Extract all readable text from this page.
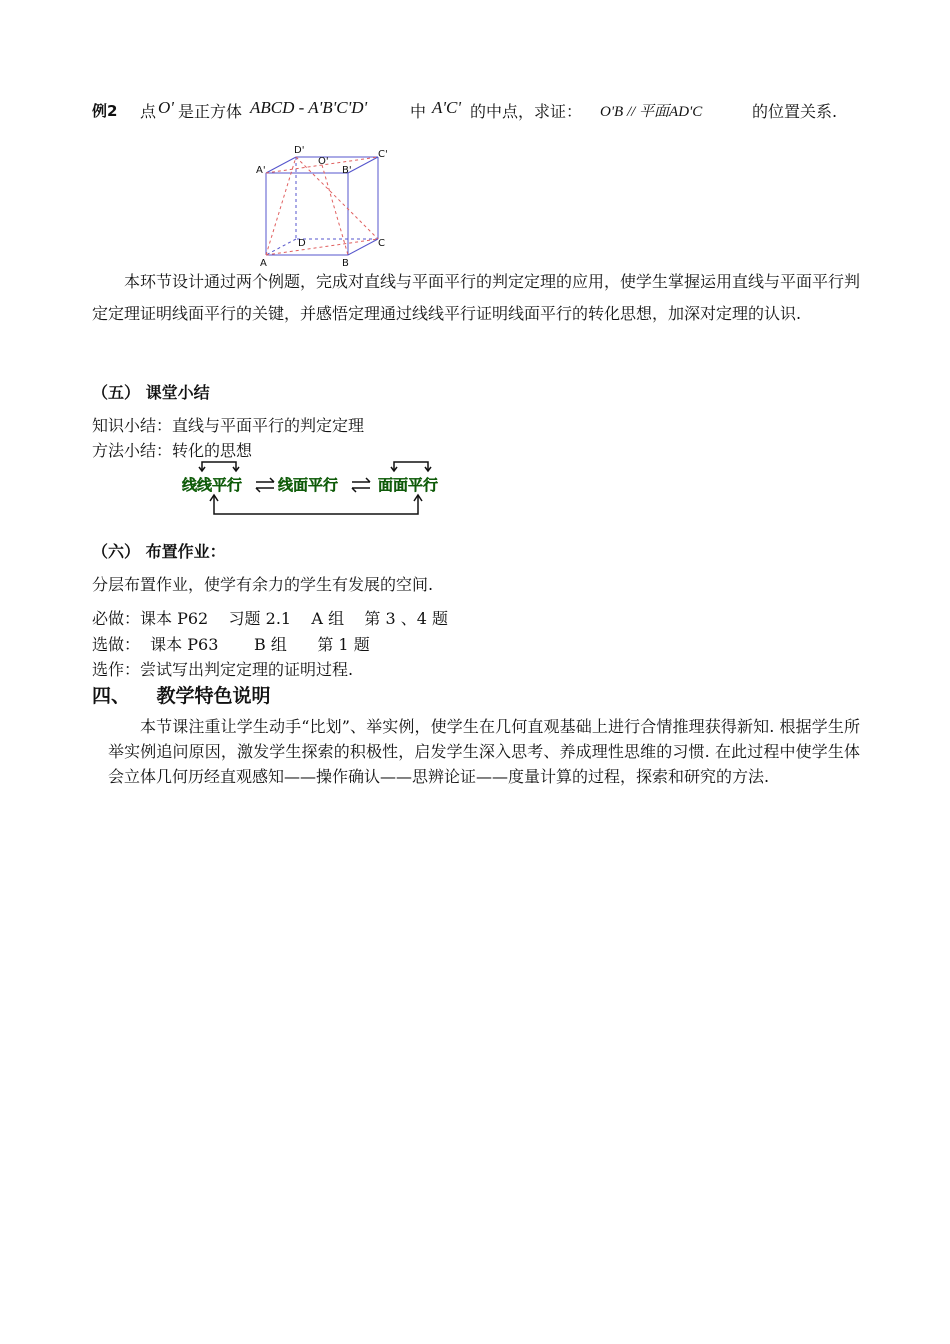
例2 点 O' 是正方体 ABCD - A'B'C'D'	中 A'C' 的中点，求证： O'B // 平面AD'C	的位置关系.
D'
O'
C'
A'	B'
D	C
A	B
本环节设计通过两个例题，完成对直线与平面平行的判定定理的应用，使学生掌握运用直线与平面平行判定定理证明线面平行的关键，并感悟定理通过线线平行证明线面平行的转化思想，加深对定理的认识.
（五） 课堂小结
知识小结：直线与平面平行的判定定理
方法小结：转化的思想
线线平行 线面平行	面面平行
（六） 布置作业：
分层布置作业，使学有余力的学生有发展的空间.
必做：课本 P62    习题 2.1    A 组    第 3 、4 题
选做：  课本 P63       B 组      第 1 题
选作：尝试写出判定定理的证明过程.
四、    教学特色说明
本节课注重让学生动手“比划”、举实例，使学生在几何直观基础上进行合情推理获得新知. 根据学生所举实例追问原因，激发学生探索的积极性，启发学生深入思考、养成理性思维的习惯. 在此过程中使学生体会立体几何历经直观感知——操作确认——思辨论证——度量计算的过程，探索和研究的方法.
